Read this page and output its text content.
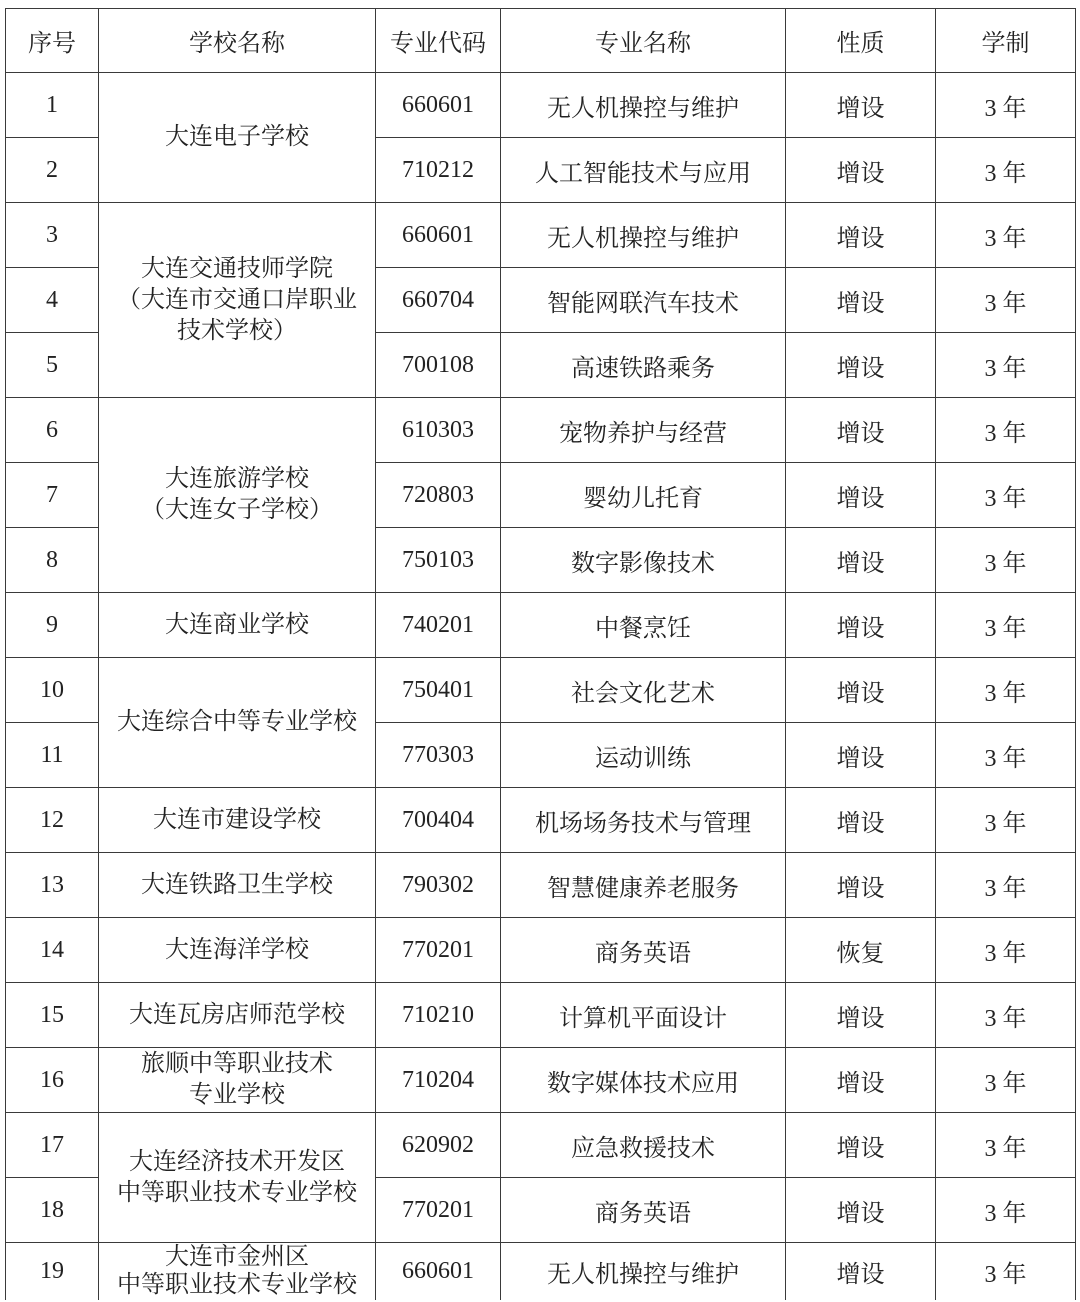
序号	学校名称	专业代码	专业名称	性质	学制
1	大连电子学校	660601	无人机操控与维护	增设	3 年
2		710212	人工智能技术与应用	增设	3 年
3	大连交通技师学院
（大连市交通口岸职业
技术学校）	660601	无人机操控与维护	增设	3 年
4		660704	智能网联汽车技术	增设	3 年
5		700108	高速铁路乘务	增设	3 年
6	大连旅游学校
（大连女子学校）	610303	宠物养护与经营	增设	3 年
7		720803	婴幼儿托育	增设	3 年
8		750103	数字影像技术	增设	3 年
9	大连商业学校	740201	中餐烹饪	增设	3 年
10	大连综合中等专业学校	750401	社会文化艺术	增设	3 年
11		770303	运动训练	增设	3 年
12	大连市建设学校	700404	机场场务技术与管理	增设	3 年
13	大连铁路卫生学校	790302	智慧健康养老服务	增设	3 年
14	大连海洋学校	770201	商务英语	恢复	3 年
15	大连瓦房店师范学校	710210	计算机平面设计	增设	3 年
16	旅顺中等职业技术
专业学校	710204	数字媒体技术应用	增设	3 年
17	大连经济技术开发区
中等职业技术专业学校	620902	应急救援技术	增设	3 年
18		770201	商务英语	增设	3 年
19	大连市金州区
中等职业技术专业学校	660601	无人机操控与维护	增设	3 年
